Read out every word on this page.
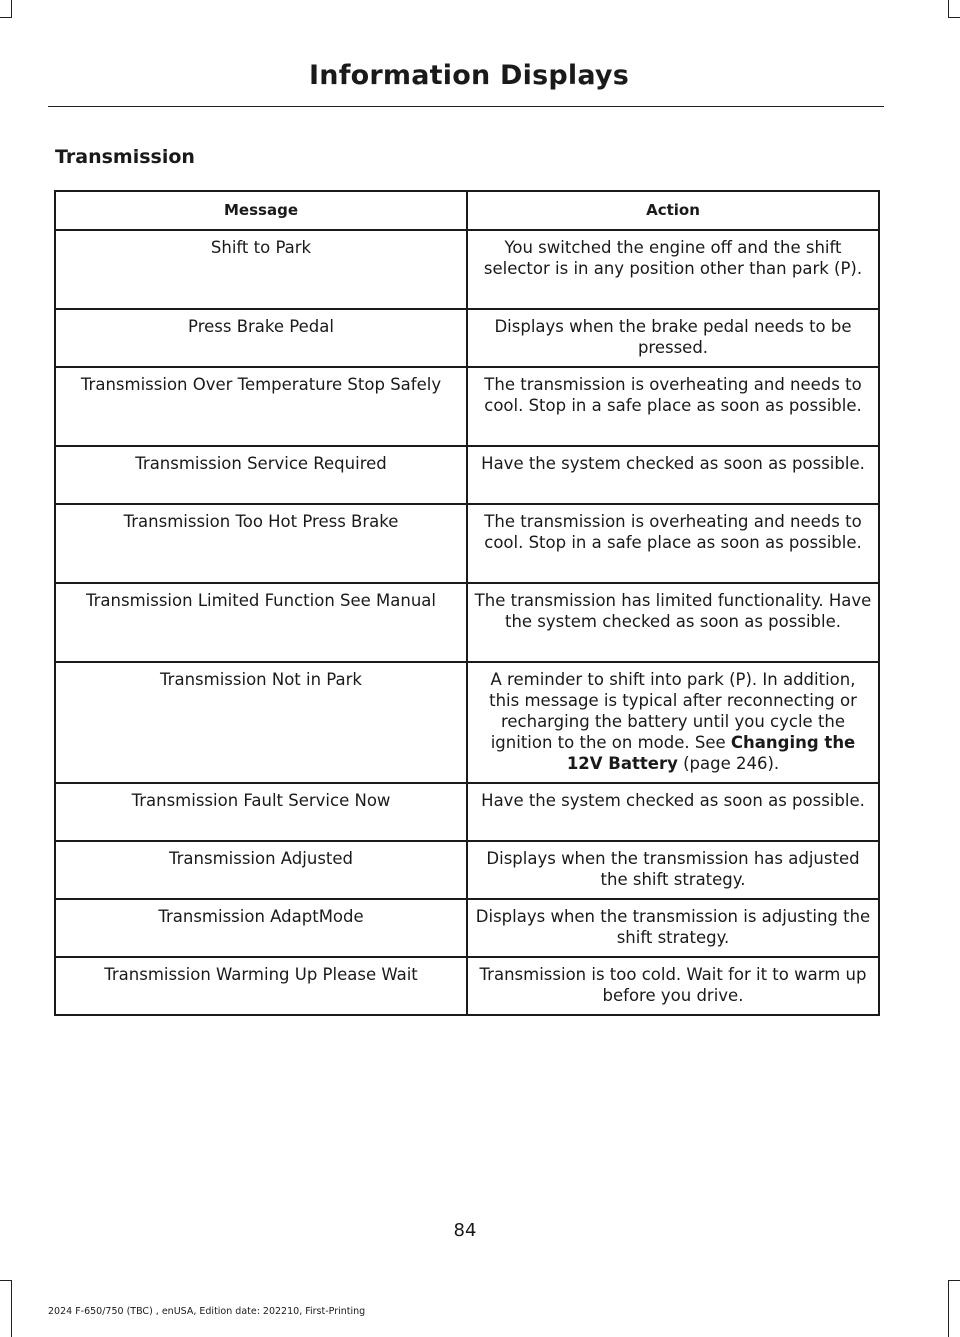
Information Displays
Transmission
Message	Action
Shift to Park	You switched the engine off and the shift selector is in any position other than park (P).
Press Brake Pedal	Displays when the brake pedal needs to be pressed.
Transmission Over Temperature Stop Safely	The transmission is overheating and needs to cool. Stop in a safe place as soon as possible.
Transmission Service Required	Have the system checked as soon as possible.
Transmission Too Hot Press Brake	The transmission is overheating and needs to cool. Stop in a safe place as soon as possible.
Transmission Limited Function See Manual	The transmission has limited functionality. Have the system checked as soon as possible.
Transmission Not in Park	A reminder to shift into park (P). In addition, this message is typical after reconnecting or recharging the battery until you cycle the ignition to the on mode. See Changing the 12V Battery (page 246).
Transmission Fault Service Now	Have the system checked as soon as possible.
Transmission Adjusted	Displays when the transmission has adjusted the shift strategy.
Transmission AdaptMode	Displays when the transmission is adjusting the shift strategy.
Transmission Warming Up Please Wait	Transmission is too cold. Wait for it to warm up before you drive.
84
2024 F-650/750 (TBC) , enUSA, Edition date: 202210, First-Printing
